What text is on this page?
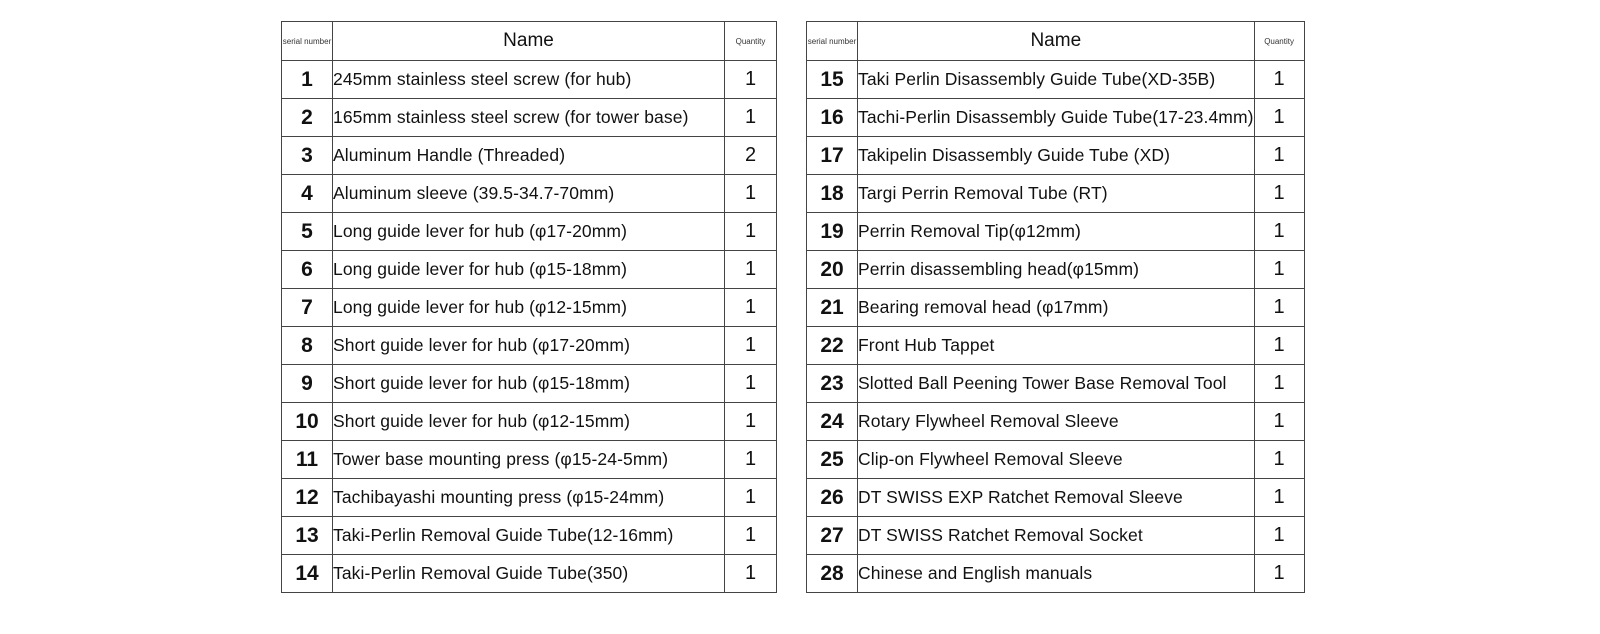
serial number	Name	Quantity
1	245mm stainless steel screw (for hub)	1
2	165mm stainless steel screw (for tower base)	1
3	Aluminum Handle (Threaded)	2
4	Aluminum sleeve (39.5-34.7-70mm)	1
5	Long guide lever for hub (φ17-20mm)	1
6	Long guide lever for hub (φ15-18mm)	1
7	Long guide lever for hub (φ12-15mm)	1
8	Short guide lever for hub (φ17-20mm)	1
9	Short guide lever for hub (φ15-18mm)	1
10	Short guide lever for hub (φ12-15mm)	1
11	Tower base mounting press (φ15-24-5mm)	1
12	Tachibayashi mounting press (φ15-24mm)	1
13	Taki-Perlin Removal Guide Tube(12-16mm)	1
14	Taki-Perlin Removal Guide Tube(350)	1
serial number	Name	Quantity
15	Taki Perlin Disassembly Guide Tube(XD-35B)	1
16	Tachi-Perlin Disassembly Guide Tube(17-23.4mm)	1
17	Takipelin Disassembly Guide Tube (XD)	1
18	Targi Perrin Removal Tube (RT)	1
19	Perrin Removal Tip(φ12mm)	1
20	Perrin disassembling head(φ15mm)	1
21	Bearing removal head (φ17mm)	1
22	Front Hub Tappet	1
23	Slotted Ball Peening Tower Base Removal Tool	1
24	Rotary Flywheel Removal Sleeve	1
25	Clip-on Flywheel Removal Sleeve	1
26	DT SWISS EXP Ratchet Removal Sleeve	1
27	DT SWISS Ratchet Removal Socket	1
28	Chinese and English manuals	1
